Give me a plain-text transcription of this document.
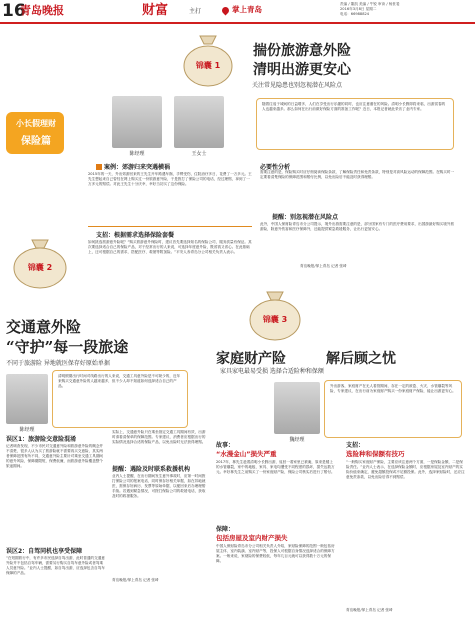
16
青岛晚报	财富	主打	掌上青岛
责编 / 董凯 美编 / 牛锐 审读 / 杨世斐
2016年3月8日 星期二
电话：66988824
锦囊 1
揣份旅游意外险
清明出游更安心
关注常见隐患也别忽视潜在风险点
小长假理财
保险篇
陈经理	王女士
随着往返于城间的日益增多，人们在享受出行乐趣的同时，也应注意潜在的风险。清明小长假即将来临，出游赏春的人也越来越多。那么如何在出行前做好保险方面的准备工作呢？近日，本报记者就此采访了业内专家。
案例：郊游归来突遇横祸
2015年的一天，外出郊游回来的王先生开车路遇车祸，手臂受伤，住院治疗多日，花费了一万多元。王先生想起来自己曾经在网上购买过一份旅游意外险，于是拨打了保险公司的电话，经过理赔，拿到了一万多元的赔偿。对此王先生十分庆幸，幸好当初买了这份保险。
支招：根据需求选择保险套餐
如何挑选旅游意外险呢？“购买旅游意外保险时，建议首先要选择知名的保险公司，服务质量有保证。其次要选择适合自己的保险产品，对于经常出行的人来说，可选择年度意外险，既省钱又省心。在此基础上，还可根据自己的需求，搭配医疗、救援等附加险。”平安人寿青岛分公司相关负责人表示。
必要性分析
需要注意的是，保险购买时应仔细阅读保险条款，了解保险责任和免责条款，特别是对高风险运动的保障范围。在购买时一定要看清楚保险的保障范围和赔付比例，以免出险后不能及时获得理赔。
提醒：别忽视潜在风险点
此外，中国人保财险青岛市分公司提示，境外出游需要注意的是，部分国家有专门的医疗费用要求，出国游最好购买境外旅游险，除意外伤害和医疗保障外，还能提供紧急救援服务，让出行更加安心。
青岛晚报/掌上青岛 记者 张琦
锦囊 2
交通意外险
“守护”每一段旅途
不同于旅游险 异地就医保存好原始单据
陈经理
清明假期出行时间对线路出行的人来说，交通工具意外险是不可缺少的，近年来购买交通意外险的人越来越多，但不少人却不知道如何选择适合自己的产品。
误区1：旅游险交意险混淆
记者调查发现，不少市民对交通意外险和旅游意外险的概念并不清楚，很多人认为买了旅游险就不需要再买交意险，其实两者保障范围有所不同，交通意外险主要针对乘坐交通工具期间的意外风险，保障期限短，保费低廉，而旅游意外险覆盖整个旅途期间。
误区2：自驾同机也享受保障
“在短期旅行中，有许多市民选择自驾出游，此时普通的交通意外险并不包括自驾车辆，需要另行购买自驾车意外险或者驾乘人员意外险。”业内人士提醒，如自驾出游，应选择包含自驾车保障的产品。
实际上，交通意外险只在乘坐指定交通工具期间有效，出游时请看清保单的保障范围。专家建议，消费者应根据出行的实际情况选择合适的保险产品，以免出险时无法获得理赔。
提醒：遇险及时联系救援机构
业内人士提醒，在出行期间发生意外事故时，应第一时间拨打保险公司的报案电话，同时保存好相关单据，如在异地就医，需保存好病历、发票等原始单据，以便回来后办理理赔手续。若遇到紧急情况，可拨打保险公司的救援电话，获取及时的救援服务。
青岛晚报/掌上青岛 记者 张琦
锦囊 3
家庭财产险	解后顾之忧
家具家电最易受损 选择合适险种和保额
魏经理
外出游客，家庭财产在无人看管期间，存在一定的被盗、火灾、水管爆裂等风险，专家建议，在出行前为家庭财产购买一份家庭财产保险，能让出游更安心。
故事：
“水漫金山”损失严重
2017年，林先生趁着清明小长假出游，返回一看家里已被淹，原来是楼上的水管爆裂，家中的地板、家具、家电均遭受不同程度的损坏，损失达数万元。幸好林先生之前购买了一份家庭财产险，保险公司核实后进行了赔付。
保障：
包括房屋及室内财产损失
中国人保财险青岛市分公司相关负责人介绍，家财险保障的范围一般包括房屋主体、室内装潢、室内财产等，投保人可根据自身情况选择适合的保障方案。一般来说，家财险的保费较低，每年几百元就可以获得数十万元的保障。
支招：
选险种和保额有技巧
“一般购买家庭财产保险，主要应该注意两个方面，一是保险金额，二是保险责任。”业内人士表示，在选择保险金额时，应根据房屋及室内财产的实际价值来确定，避免超额投保或不足额投保。此外，选择家财险时，还应注意免责条款，以免出险后得不到赔偿。
青岛晚报/掌上青岛 记者 张琦
